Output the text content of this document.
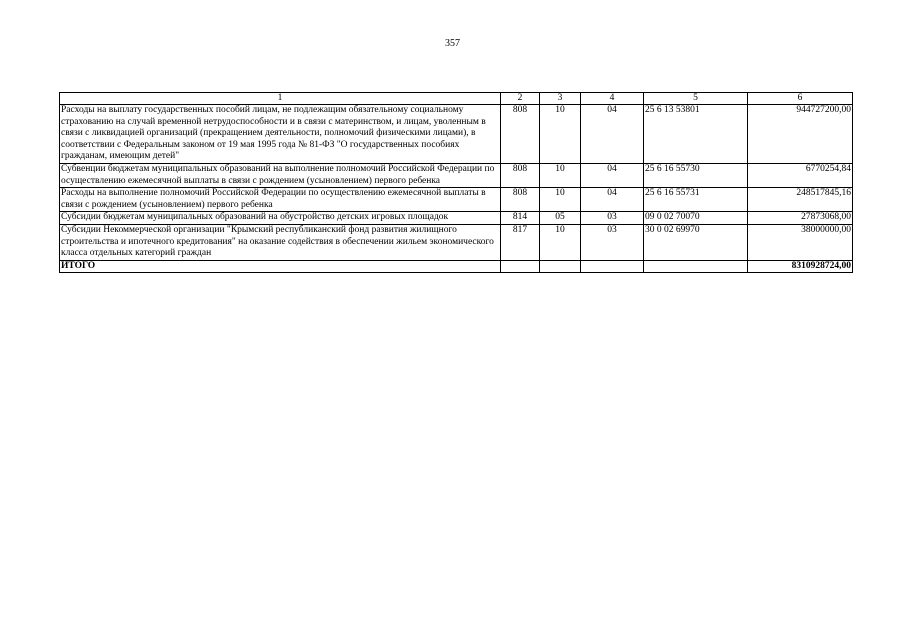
357
1	2	3	4	5	6
Расходы на выплату государственных пособий лицам, не подлежащим обязательному социальному страхованию на случай временной нетрудоспособности и в связи с материнством, и лицам, уволенным в связи с ликвидацией организаций (прекращением деятельности, полномочий физическими лицами), в соответствии с Федеральным законом от 19 мая 1995 года № 81-ФЗ "О государственных пособиях гражданам, имеющим детей"	808	10	04	25 6 13 53801	944727200,00
Субвенции бюджетам муниципальных образований на выполнение полномочий Российской Федерации по осуществлению ежемесячной выплаты в связи с рождением (усыновлением) первого ребенка	808	10	04	25 6 16 55730	6770254,84
Расходы на выполнение полномочий Российской Федерации по осуществлению ежемесячной выплаты в связи с рождением (усыновлением) первого ребенка	808	10	04	25 6 16 55731	248517845,16
Субсидии бюджетам муниципальных образований на обустройство детских игровых площадок	814	05	03	09 0 02 70070	27873068,00
Субсидии Некоммерческой организации "Крымский республиканский фонд развития жилищного строительства и ипотечного кредитования" на оказание содействия в обеспечении жильем экономического класса отдельных категорий граждан	817	10	03	30 0 02 69970	38000000,00
ИТОГО					8310928724,00
